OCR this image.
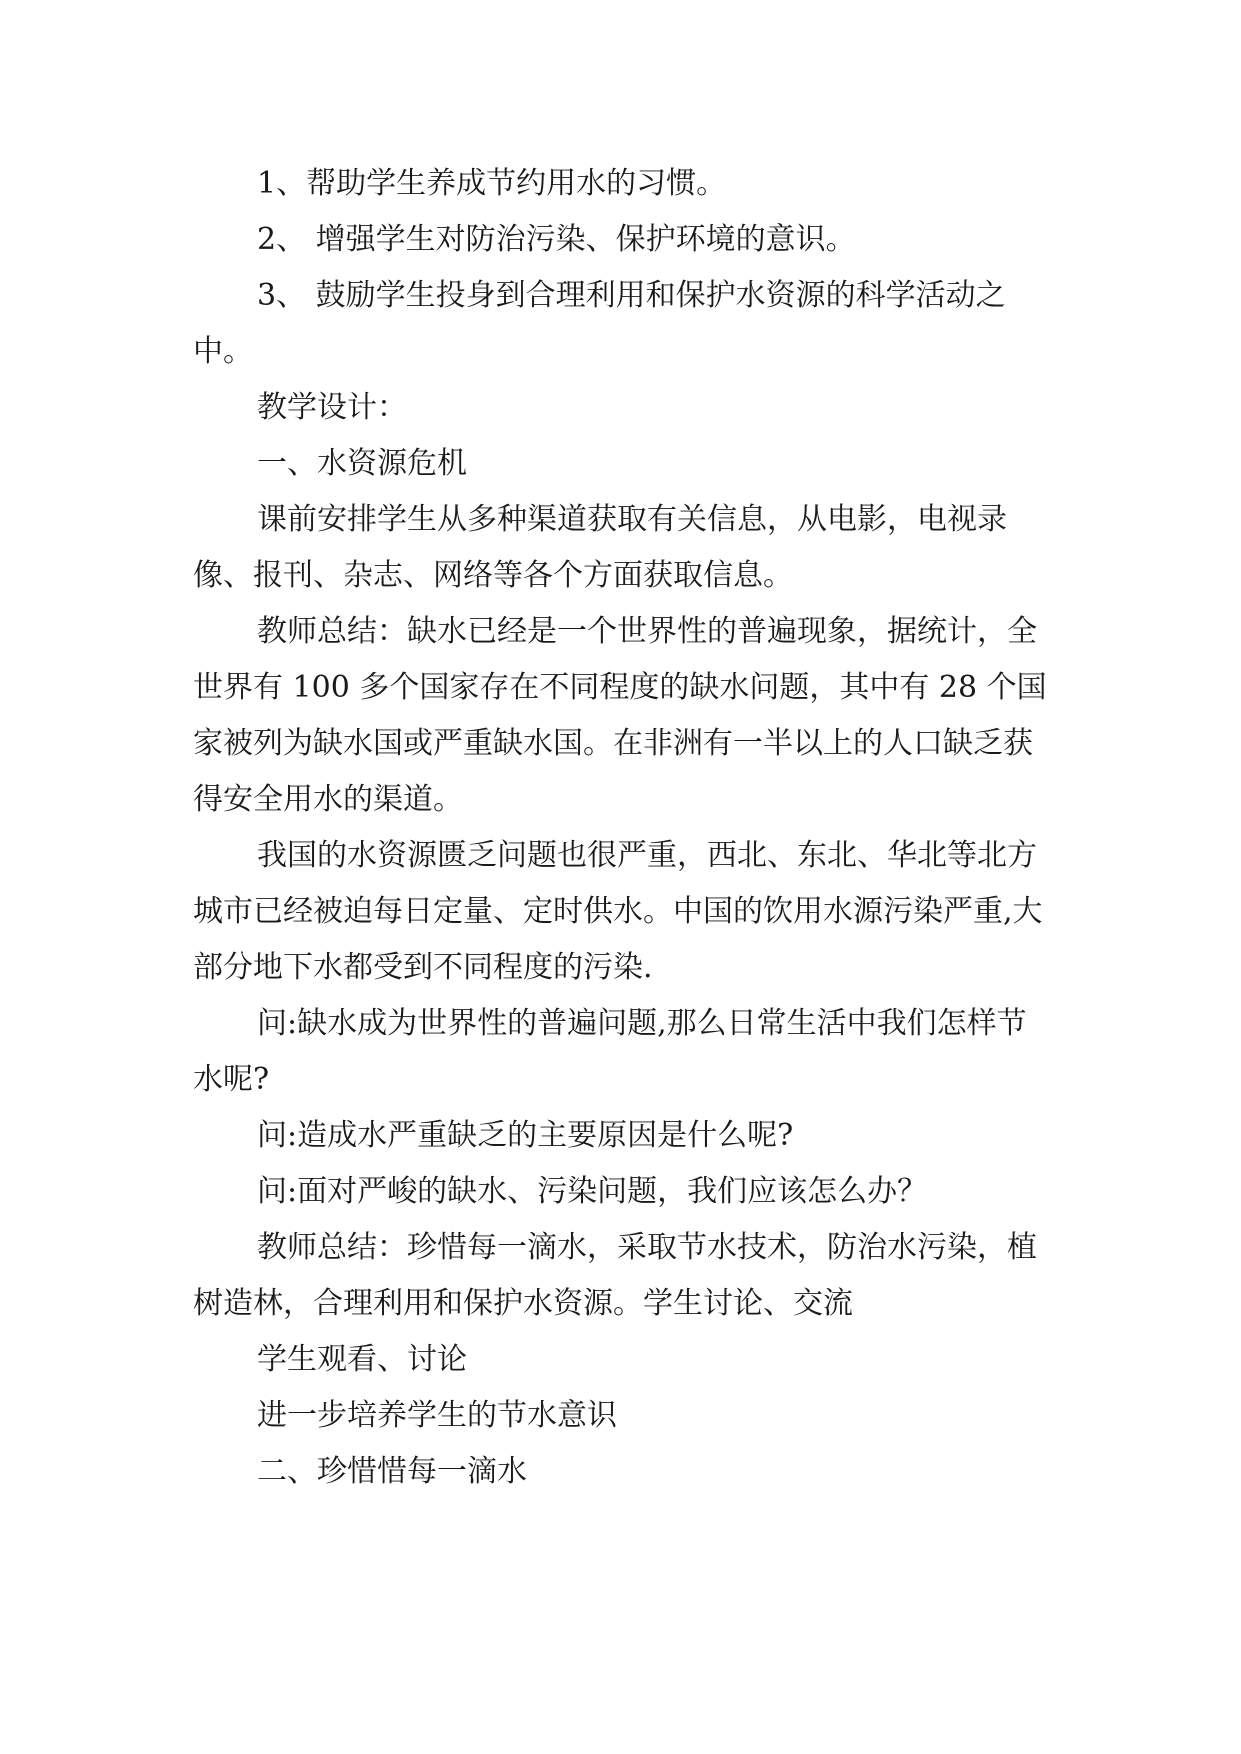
1、帮助学生养成节约用水的习惯。

2、 增强学生对防治污染、保护环境的意识。

3、 鼓励学生投身到合理利用和保护水资源的科学活动之中。

教学设计：

一、水资源危机

课前安排学生从多种渠道获取有关信息，从电影，电视录像、报刊、杂志、网络等各个方面获取信息。

教师总结：缺水已经是一个世界性的普遍现象，据统计，全世界有 100 多个国家存在不同程度的缺水问题，其中有 28 个国家被列为缺水国或严重缺水国。在非洲有一半以上的人口缺乏获得安全用水的渠道。

我国的水资源匮乏问题也很严重，西北、东北、华北等北方城市已经被迫每日定量、定时供水。中国的饮用水源污染严重,大部分地下水都受到不同程度的污染.

问:缺水成为世界性的普遍问题,那么日常生活中我们怎样节水呢?

问:造成水严重缺乏的主要原因是什么呢?

问:面对严峻的缺水、污染问题，我们应该怎么办？

教师总结：珍惜每一滴水，采取节水技术，防治水污染，植树造林，合理利用和保护水资源。学生讨论、交流

学生观看、讨论

进一步培养学生的节水意识

二、珍惜惜每一滴水
